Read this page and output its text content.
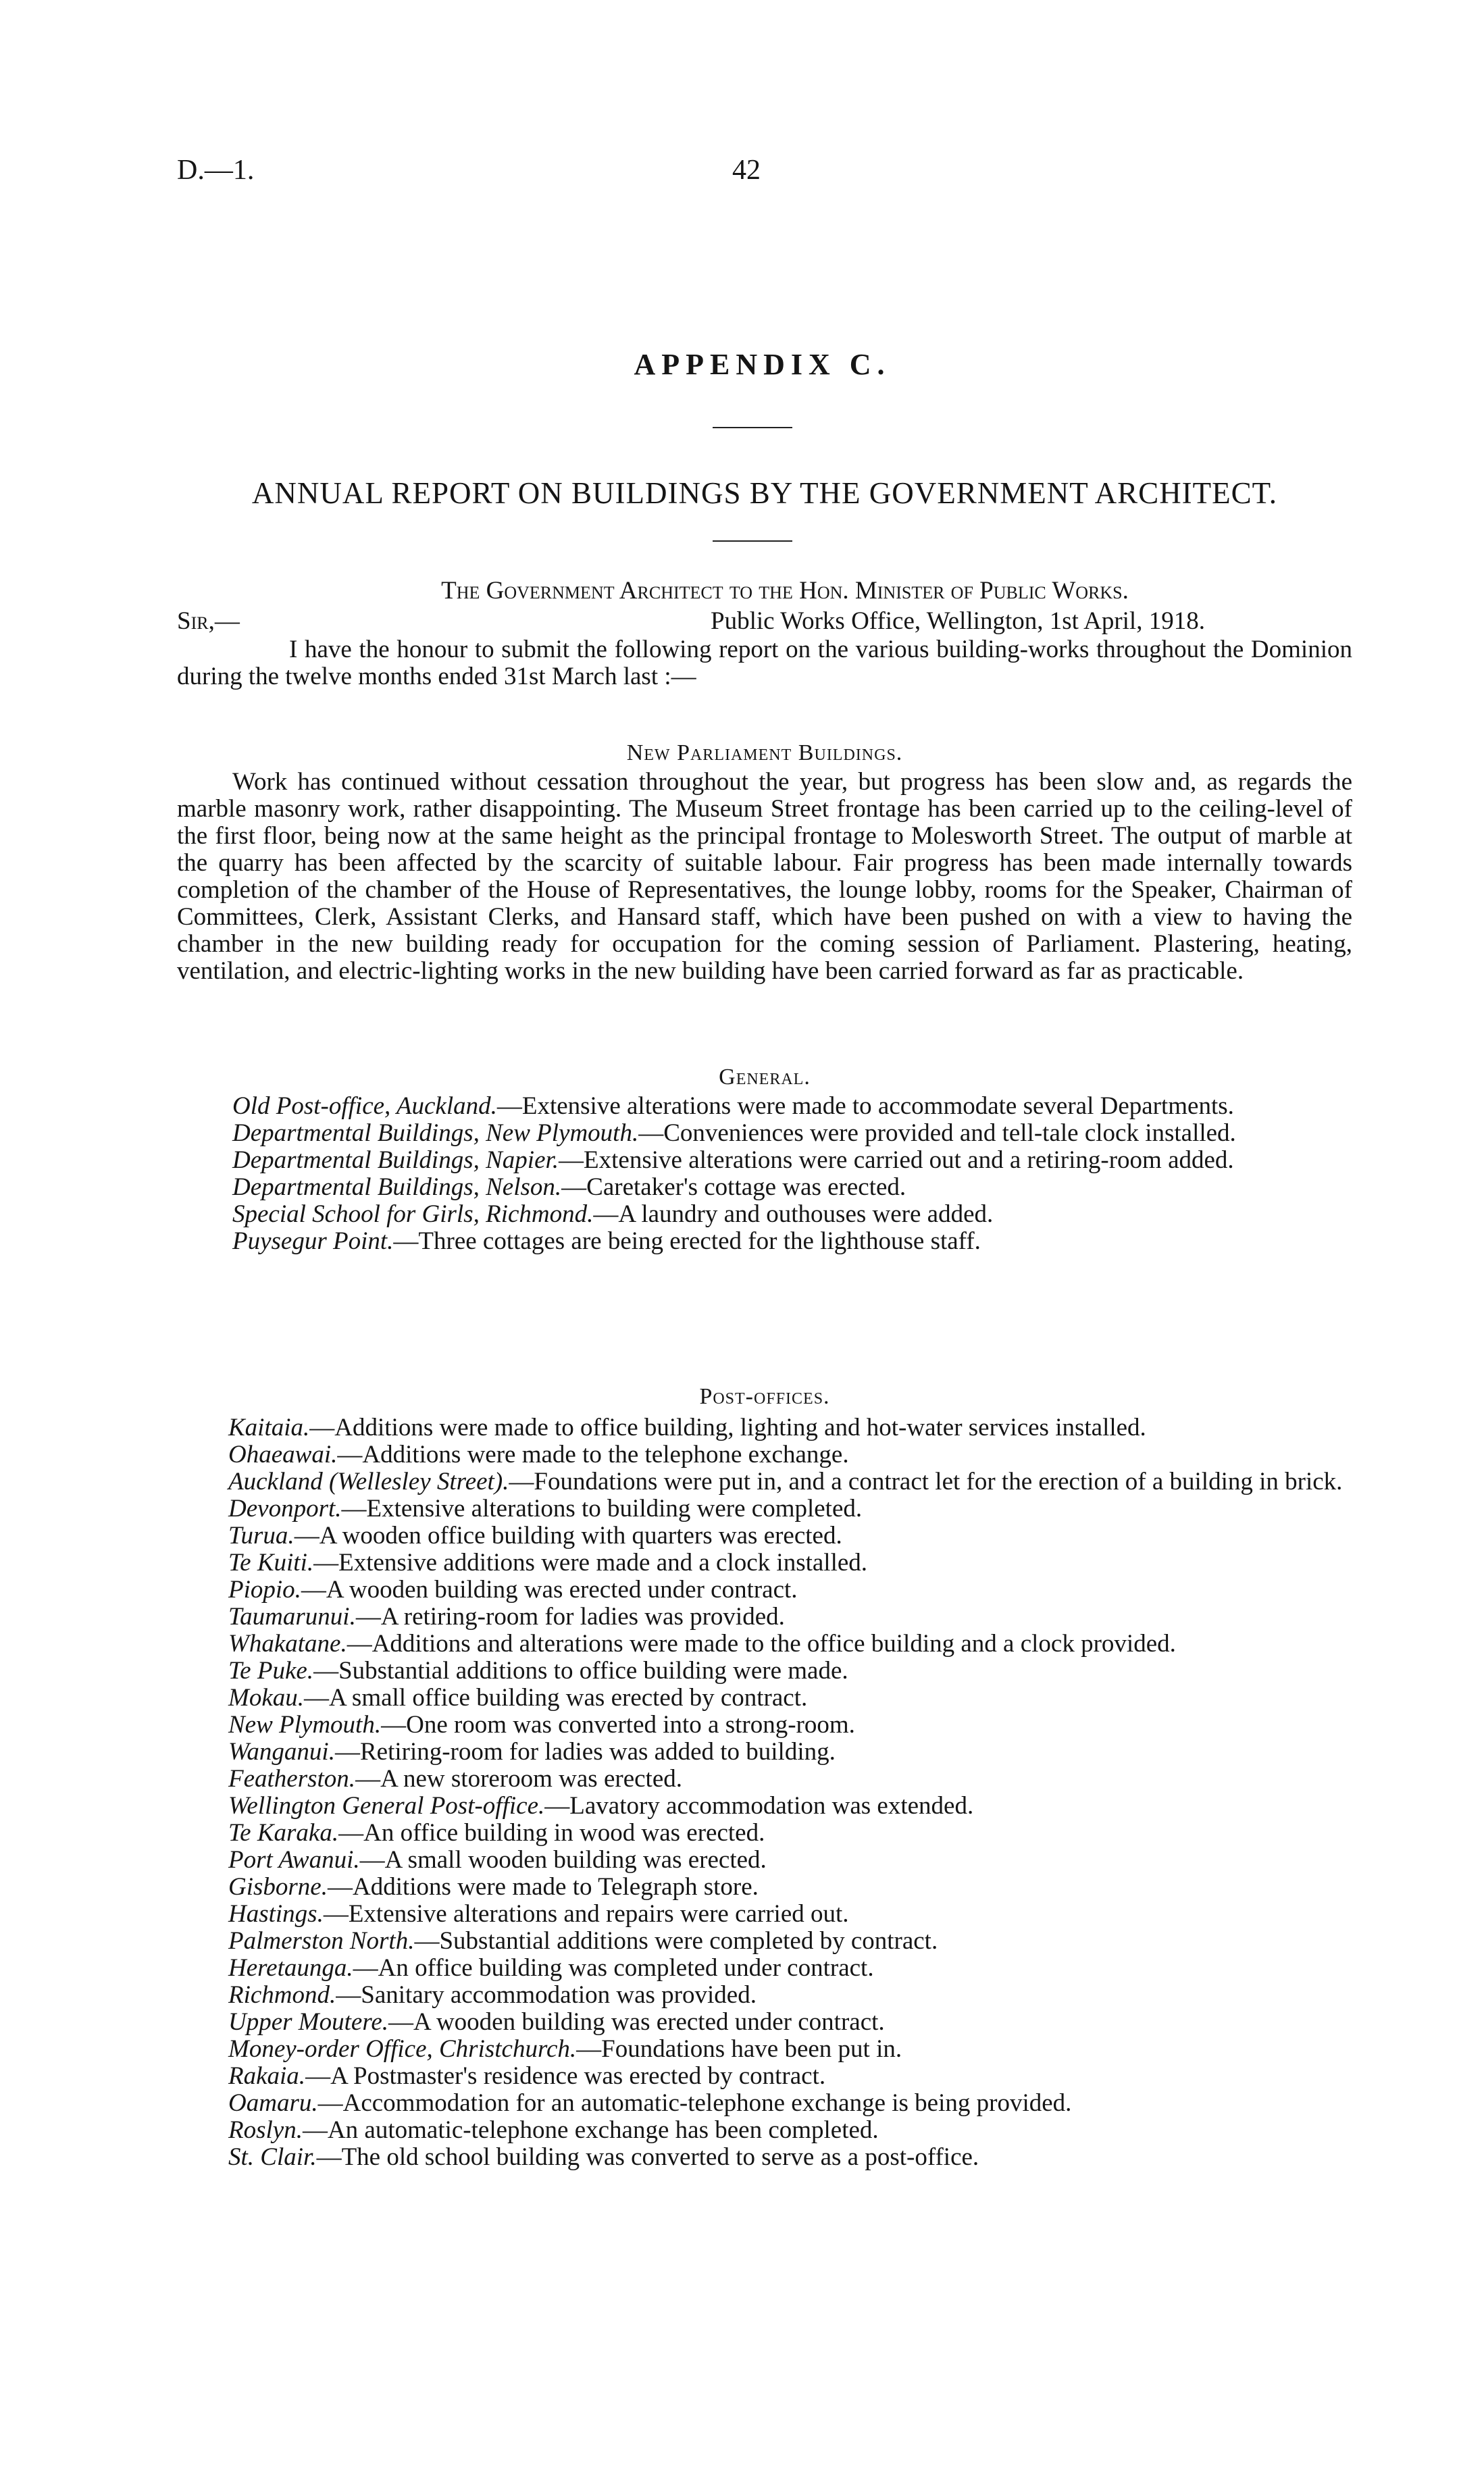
D.—1.	42
APPENDIX C.
ANNUAL REPORT ON BUILDINGS BY THE GOVERNMENT ARCHITECT.
The Government Architect to the Hon. Minister of Public Works.
Sir,—	Public Works Office, Wellington, 1st April, 1918.
I have the honour to submit the following report on the various building-works throughout the Dominion during the twelve months ended 31st March last :—
New Parliament Buildings.
Work has continued without cessation throughout the year, but progress has been slow and, as regards the marble masonry work, rather disappointing. The Museum Street frontage has been carried up to the ceiling-level of the first floor, being now at the same height as the principal frontage to Molesworth Street. The output of marble at the quarry has been affected by the scarcity of suitable labour. Fair progress has been made internally towards completion of the chamber of the House of Representatives, the lounge lobby, rooms for the Speaker, Chairman of Committees, Clerk, Assistant Clerks, and Hansard staff, which have been pushed on with a view to having the chamber in the new building ready for occupation for the coming session of Parliament. Plastering, heating, ventilation, and electric-lighting works in the new building have been carried forward as far as practicable.
General.

Old Post-office, Auckland.—Extensive alterations were made to accommodate several Departments.

Departmental Buildings, New Plymouth.—Conveniences were provided and tell-tale clock installed.

Departmental Buildings, Napier.—Extensive alterations were carried out and a retiring-room added.

Departmental Buildings, Nelson.—Caretaker's cottage was erected.

Special School for Girls, Richmond.—A laundry and outhouses were added.

Puysegur Point.—Three cottages are being erected for the lighthouse staff.

Post-offices.

Kaitaia.—Additions were made to office building, lighting and hot-water services installed.

Ohaeawai.—Additions were made to the telephone exchange.

Auckland (Wellesley Street).—Foundations were put in, and a contract let for the erection of a building in brick.

Devonport.—Extensive alterations to building were completed.

Turua.—A wooden office building with quarters was erected.

Te Kuiti.—Extensive additions were made and a clock installed.

Piopio.—A wooden building was erected under contract.

Taumarunui.—A retiring-room for ladies was provided.

Whakatane.—Additions and alterations were made to the office building and a clock provided.

Te Puke.—Substantial additions to office building were made.

Mokau.—A small office building was erected by contract.

New Plymouth.—One room was converted into a strong-room.

Wanganui.—Retiring-room for ladies was added to building.

Featherston.—A new storeroom was erected.

Wellington General Post-office.—Lavatory accommodation was extended.

Te Karaka.—An office building in wood was erected.

Port Awanui.—A small wooden building was erected.

Gisborne.—Additions were made to Telegraph store.

Hastings.—Extensive alterations and repairs were carried out.

Palmerston North.—Substantial additions were completed by contract.

Heretaunga.—An office building was completed under contract.

Richmond.—Sanitary accommodation was provided.

Upper Moutere.—A wooden building was erected under contract.

Money-order Office, Christchurch.—Foundations have been put in.

Rakaia.—A Postmaster's residence was erected by contract.

Oamaru.—Accommodation for an automatic-telephone exchange is being provided.

Roslyn.—An automatic-telephone exchange has been completed.

St. Clair.—The old school building was converted to serve as a post-office.
